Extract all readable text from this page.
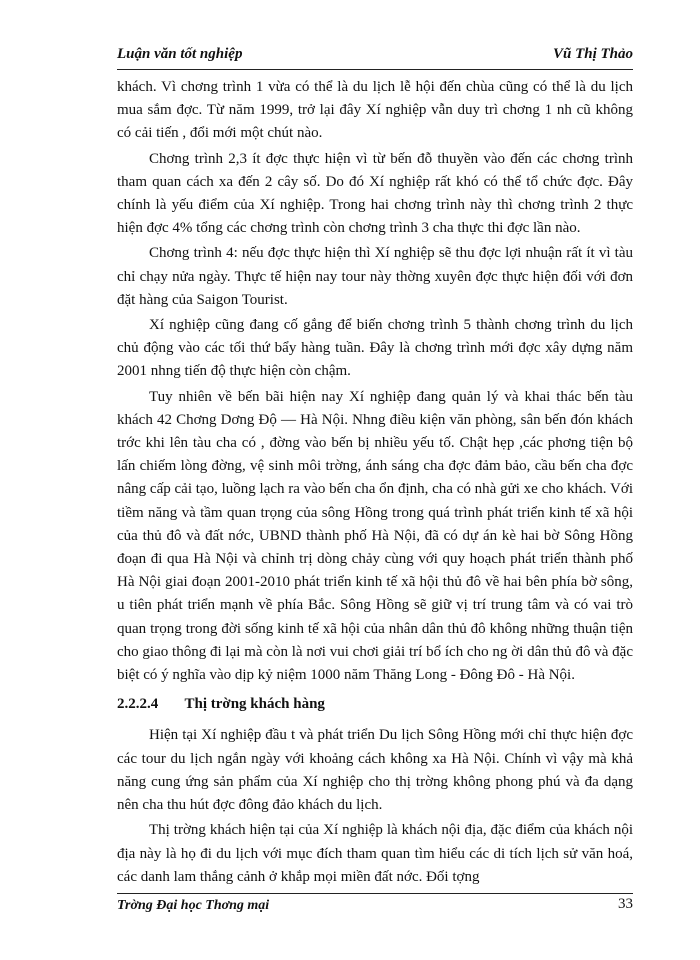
Luận văn tốt nghiệp	Vũ Thị Thảo

khách. Vì chơng trình 1 vừa có thể là du lịch lễ hội đến chùa cũng có thể là du lịch mua sắm đợc. Từ năm 1999, trở lại đây Xí nghiệp vẫn duy trì chơng 1 nh cũ không có cải tiến , đổi mới một chút nào.

Chơng trình 2,3 ít đợc thực hiện vì từ bến đỗ thuyền vào đến các chơng trình tham quan cách xa đến 2 cây số. Do đó Xí nghiệp rất khó có thể tổ chức đợc. Đây chính là yếu điểm của Xí nghiệp. Trong hai chơng trình này thì chơng trình 2 thực hiện đợc 4% tổng các chơng trình còn chơng trình 3 cha thực thi đợc lần nào.

Chơng trình 4: nếu đợc thực hiện thì Xí nghiệp sẽ thu đợc lợi nhuận rất ít vì tàu chỉ chạy nửa ngày. Thực tế hiện nay tour này thờng xuyên đợc thực hiện đối với đơn đặt hàng của Saigon Tourist.

Xí nghiệp cũng đang cố gắng để biến chơng trình 5 thành chơng trình du lịch chủ động vào các tối thứ bẩy hàng tuần. Đây là chơng trình mới đợc xây dựng năm 2001 nhng tiến độ thực hiện còn chậm.

Tuy nhiên về bến bãi hiện nay Xí nghiệp đang quản lý và khai thác bến tàu khách 42 Chơng Dơng Độ — Hà Nội. Nhng điều kiện văn phòng, sân bến đón khách trớc khi lên tàu cha có , đờng vào bến bị nhiều yếu tố. Chật hẹp ,các phơng tiện bộ lấn chiếm lòng đờng, vệ sinh môi trờng, ánh sáng cha đợc đảm bảo, cầu bến cha đợc nâng cấp cải tạo, luồng lạch ra vào bến cha ổn định, cha có nhà gửi xe cho khách. Với tiềm năng và tầm quan trọng của sông Hồng trong quá trình phát triển kinh tế xã hội của thủ đô và đất nớc, UBND thành phố Hà Nội, đã có dự án kè hai bờ Sông Hồng đoạn đi qua Hà Nội và chỉnh trị dòng chảy cùng với quy hoạch phát triển thành phố Hà Nội giai đoạn 2001-2010 phát triển kinh tế xã hội thủ đô về hai bên phía bờ sông, u tiên phát triển mạnh về phía Bắc. Sông Hồng sẽ giữ vị trí trung tâm và có vai trò quan trọng trong đời sống kinh tế xã hội của nhân dân thủ đô không những thuận tiện cho giao thông đi lại mà còn là nơi vui chơi giải trí bổ ích cho ng ời dân thủ đô và đặc biệt có ý nghĩa vào dịp kỷ niệm 1000 năm Thăng Long - Đông Đô - Hà Nội.

2.2.2.4 Thị trờng khách hàng

Hiện tại Xí nghiệp đầu t và phát triển Du lịch Sông Hồng mới chỉ thực hiện đợc các tour du lịch ngắn ngày với khoảng cách không xa Hà Nội. Chính vì vậy mà khả năng cung ứng sản phẩm của Xí nghiệp cho thị trờng không phong phú và đa dạng nên cha thu hút đợc đông đảo khách du lịch.

Thị trờng khách hiện tại của Xí nghiệp là khách nội địa, đặc điểm của khách nội địa này là họ đi du lịch với mục đích tham quan tìm hiểu các di tích lịch sử văn hoá, các danh lam thắng cảnh ở khắp mọi miền đất nớc. Đối tợng

Trờng Đại học Thơng mại	33
